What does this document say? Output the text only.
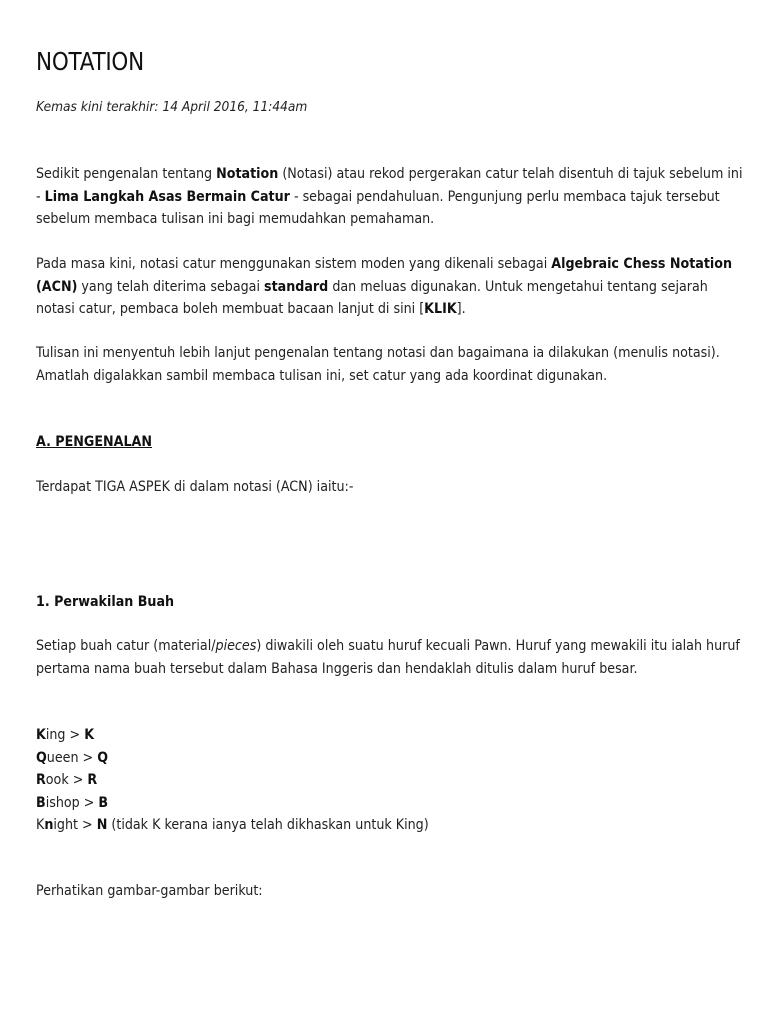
NOTATION

Kemas kini terakhir: 14 April 2016, 11:44am

Sedikit pengenalan tentang Notation (Notasi) atau rekod pergerakan catur telah disentuh di tajuk sebelum ini - Lima Langkah Asas Bermain Catur - sebagai pendahuluan. Pengunjung perlu membaca tajuk tersebut sebelum membaca tulisan ini bagi memudahkan pemahaman.

Pada masa kini, notasi catur menggunakan sistem moden yang dikenali sebagai Algebraic Chess Notation (ACN) yang telah diterima sebagai standard dan meluas digunakan. Untuk mengetahui tentang sejarah notasi catur, pembaca boleh membuat bacaan lanjut di sini [KLIK].

Tulisan ini menyentuh lebih lanjut pengenalan tentang notasi dan bagaimana ia dilakukan (menulis notasi). Amatlah digalakkan sambil membaca tulisan ini, set catur yang ada koordinat digunakan.

A. PENGENALAN

Terdapat TIGA ASPEK di dalam notasi (ACN) iaitu:-

1. Perwakilan Buah

Setiap buah catur (material/pieces) diwakili oleh suatu huruf kecuali Pawn. Huruf yang mewakili itu ialah huruf pertama nama buah tersebut dalam Bahasa Inggeris dan hendaklah ditulis dalam huruf besar.

King > K
Queen > Q
Rook > R
Bishop > B
Knight > N (tidak K kerana ianya telah dikhaskan untuk King)

Perhatikan gambar-gambar berikut:
